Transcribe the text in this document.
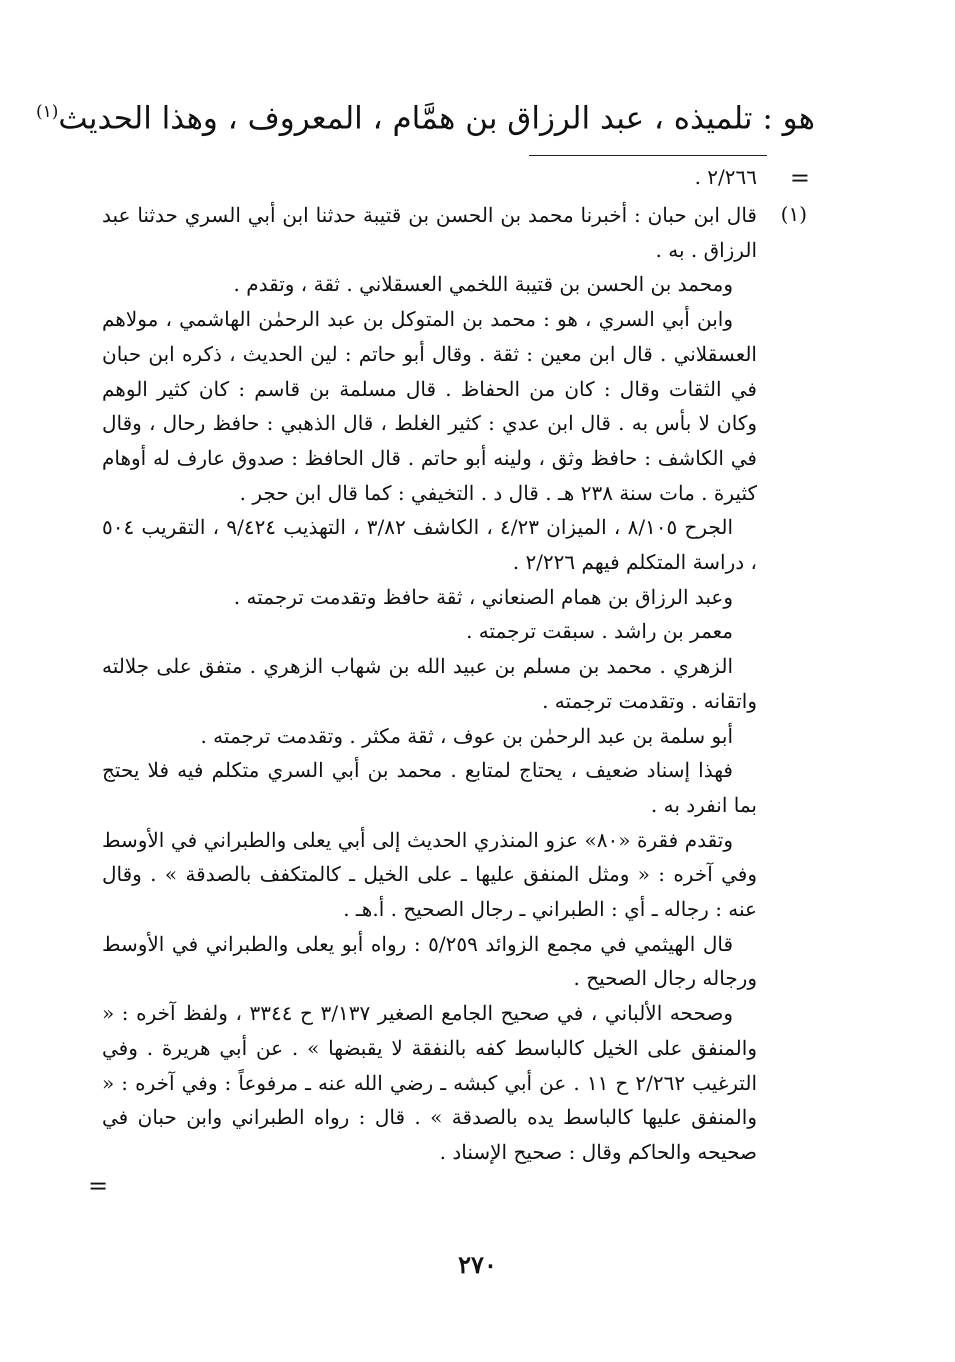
هو : تلميذه ، عبد الرزاق بن همَّام ، المعروف ، وهذا الحديث$^{(١)}$
=
٢/٢٦٦ .
(١)

قال ابن حبان : أخبرنا محمد بن الحسن بن قتيبة حدثنا ابن أبي السري حدثنا عبد الرزاق . به .

ومحمد بن الحسن بن قتيبة اللخمي العسقلاني . ثقة ، وتقدم .

وابن أبي السري ، هو : محمد بن المتوكل بن عبد الرحمٰن الهاشمي ، مولاهم العسقلاني . قال ابن معين : ثقة . وقال أبو حاتم : لين الحديث ، ذكره ابن حبان في الثقات وقال : كان من الحفاظ . قال مسلمة بن قاسم : كان كثير الوهم وكان لا بأس به . قال ابن عدي : كثير الغلط ، قال الذهبي : حافظ رحال ، وقال في الكاشف : حافظ وثق ، ولينه أبو حاتم . قال الحافظ : صدوق عارف له أوهام كثيرة . مات سنة ٢٣٨ هـ . قال د . التخيفي : كما قال ابن حجر .

الجرح ٨/١٠٥ ، الميزان ٤/٢٣ ، الكاشف ٣/٨٢ ، التهذيب ٩/٤٢٤ ، التقريب ٥٠٤ ، دراسة المتكلم فيهم ٢/٢٢٦ .

وعبد الرزاق بن همام الصنعاني ، ثقة حافظ وتقدمت ترجمته .

معمر بن راشد . سبقت ترجمته .

الزهري . محمد بن مسلم بن عبيد الله بن شهاب الزهري . متفق على جلالته واتقانه . وتقدمت ترجمته .

أبو سلمة بن عبد الرحمٰن بن عوف ، ثقة مكثر . وتقدمت ترجمته .

فهذا إسناد ضعيف ، يحتاج لمتابع . محمد بن أبي السري متكلم فيه فلا يحتج بما انفرد به .

وتقدم فقرة «٨٠» عزو المنذري الحديث إلى أبي يعلى والطبراني في الأوسط وفي آخره : « ومثل المنفق عليها ـ على الخيل ـ كالمتكفف بالصدقة » . وقال عنه : رجاله ـ أي : الطبراني ـ رجال الصحيح . أ.هـ .

قال الهيثمي في مجمع الزوائد ٥/٢٥٩ : رواه أبو يعلى والطبراني في الأوسط ورجاله رجال الصحيح .

وصححه الألباني ، في صحيح الجامع الصغير ٣/١٣٧ ح ٣٣٤٤ ، ولفظ آخره : « والمنفق على الخيل كالباسط كفه بالنفقة لا يقبضها » . عن أبي هريرة . وفي الترغيب ٢/٢٦٢ ح ١١ . عن أبي كبشه ـ رضي الله عنه ـ مرفوعاً : وفي آخره : « والمنفق عليها كالباسط يده بالصدقة » . قال : رواه الطبراني وابن حبان في صحيحه والحاكم وقال : صحيح الإسناد .

=
٢٧٠
